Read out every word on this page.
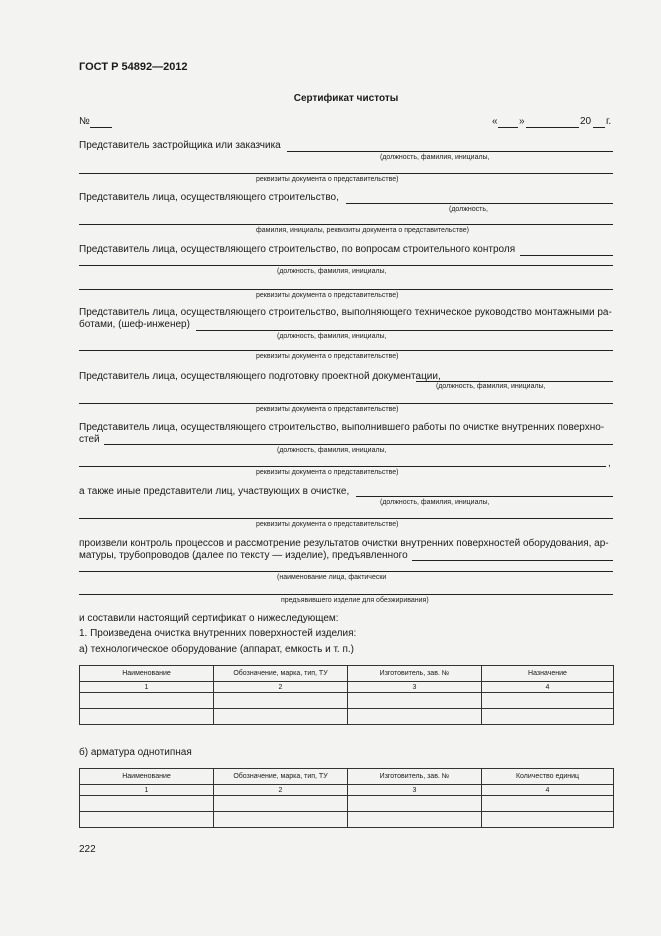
ГОСТ Р 54892—2012
Сертификат чистоты
№	« »	20 г.
Представитель застройщика или заказчика
(должность, фамилия, инициалы,
реквизиты документа о представительстве)
Представитель лица, осуществляющего строительство,
(должность,
фамилия, инициалы, реквизиты документа о представительстве)
Представитель лица, осуществляющего строительство, по вопросам строительного контроля
(должность, фамилия, инициалы,
реквизиты документа о представительстве)
Представитель лица, осуществляющего строительство, выполняющего техническое руководство монтажными ра-
ботами, (шеф-инженер)
(должность, фамилия, инициалы,
реквизиты документа о представительстве)
Представитель лица, осуществляющего подготовку проектной документации,
(должность, фамилия, инициалы,
реквизиты документа о представительстве)
Представитель лица, осуществляющего строительство, выполнившего работы по очистке внутренних поверхно-
стей
(должность, фамилия, инициалы,
,
реквизиты документа о представительстве)
а также иные представители лиц, участвующих в очистке,
(должность, фамилия, инициалы,
реквизиты документа о представительстве)
произвели контроль процессов и рассмотрение результатов очистки внутренних поверхностей оборудования, ар-
матуры, трубопроводов (далее по тексту — изделие), предъявленного
(наименование лица, фактически
предъявившего изделие для обезжиривания)
и составили настоящий сертификат о нижеследующем:
1. Произведена очистка внутренних поверхностей изделия:
а) технологическое оборудование (аппарат, емкость и т. п.)
Наименование	Обозначение, марка, тип, ТУ	Изготовитель, зав. №	Назначение
1	2	3	4

б) арматура однотипная
Наименование	Обозначение, марка, тип, ТУ	Изготовитель, зав. №	Количество единиц
1	2	3	4

222
